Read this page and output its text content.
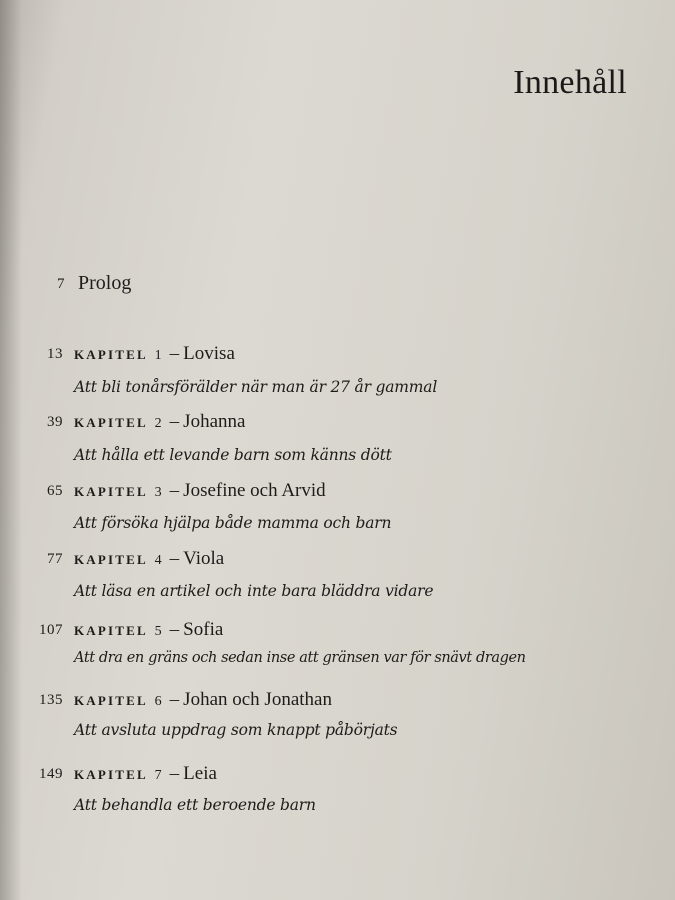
Innehåll
7 Prolog
13 KAPITEL 1 – Lovisa
Att bli tonårsförälder när man är 27 år gammal
39 KAPITEL 2 – Johanna
Att hålla ett levande barn som känns dött
65 KAPITEL 3 – Josefine och Arvid
Att försöka hjälpa både mamma och barn
77 KAPITEL 4 – Viola
Att läsa en artikel och inte bara bläddra vidare
107 KAPITEL 5 – Sofia
Att dra en gräns och sedan inse att gränsen var för snävt dragen
135 KAPITEL 6 – Johan och Jonathan
Att avsluta uppdrag som knappt påbörjats
149 KAPITEL 7 – Leia
Att behandla ett beroende barn
